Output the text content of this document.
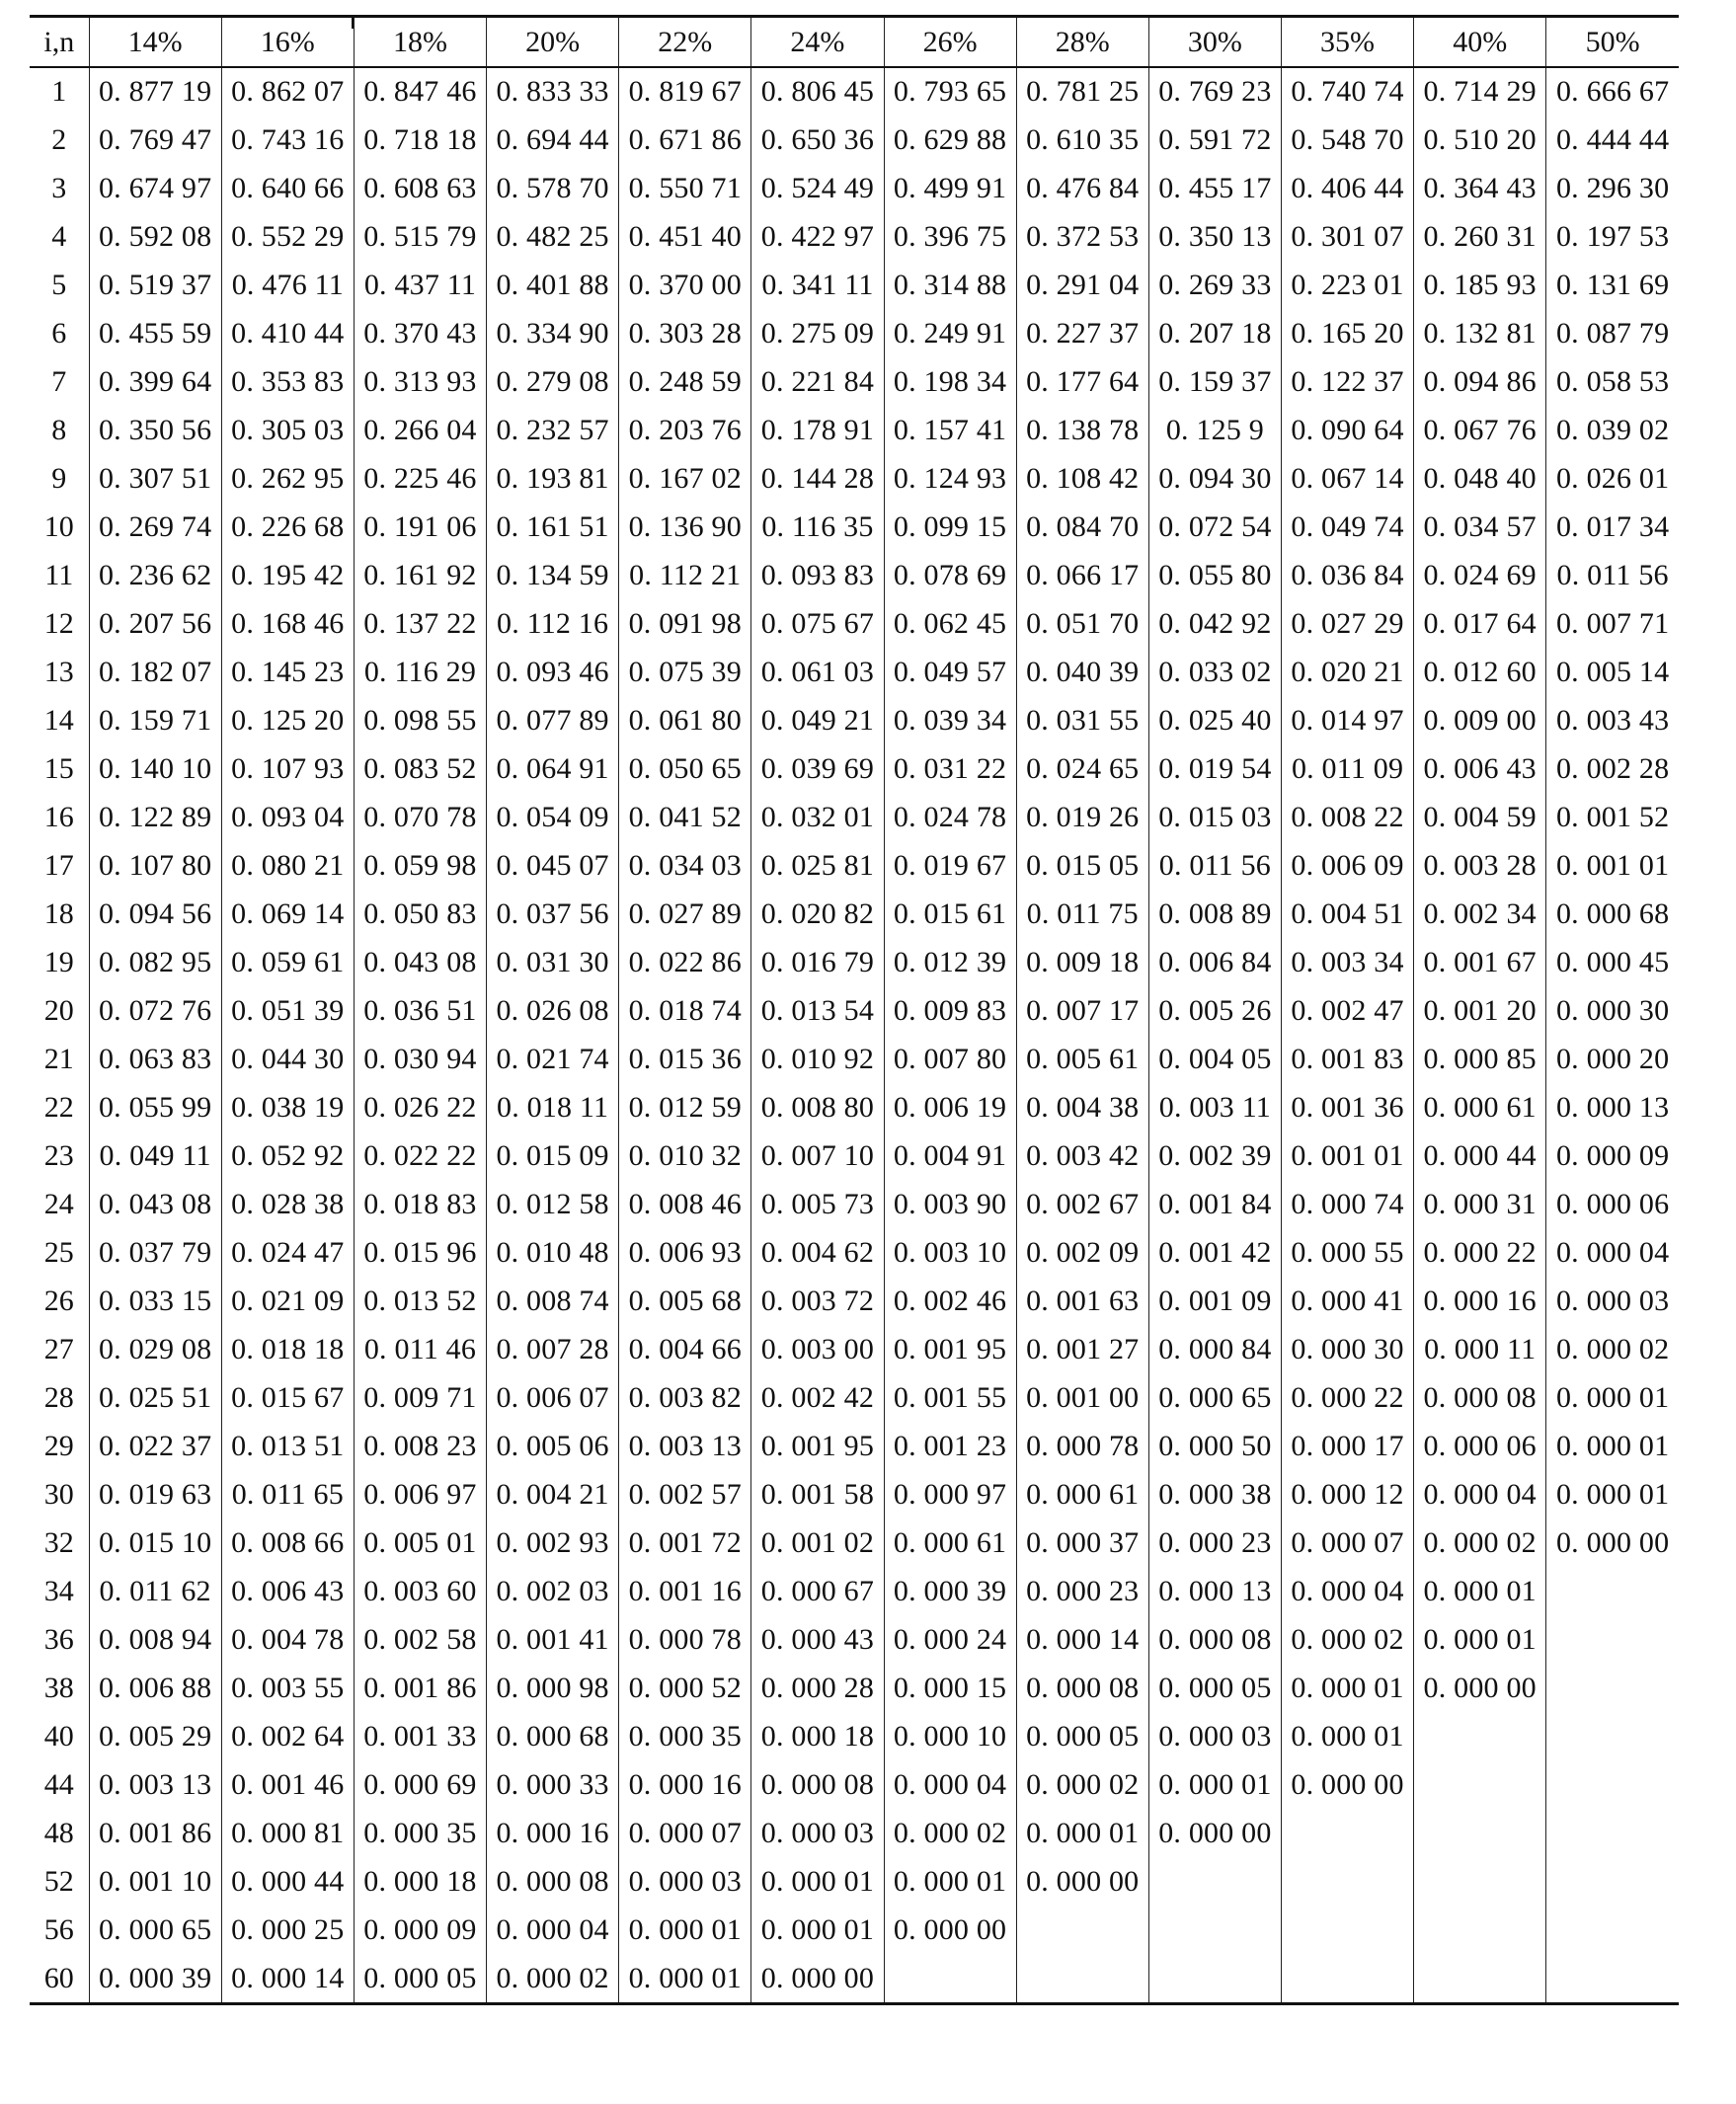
i,n	14%	16%	18%	20%	22%	24%	26%	28%	30%	35%	40%	50%
1	0. 877 19	0. 862 07	0. 847 46	0. 833 33	0. 819 67	0. 806 45	0. 793 65	0. 781 25	0. 769 23	0. 740 74	0. 714 29	0. 666 67
2	0. 769 47	0. 743 16	0. 718 18	0. 694 44	0. 671 86	0. 650 36	0. 629 88	0. 610 35	0. 591 72	0. 548 70	0. 510 20	0. 444 44
3	0. 674 97	0. 640 66	0. 608 63	0. 578 70	0. 550 71	0. 524 49	0. 499 91	0. 476 84	0. 455 17	0. 406 44	0. 364 43	0. 296 30
4	0. 592 08	0. 552 29	0. 515 79	0. 482 25	0. 451 40	0. 422 97	0. 396 75	0. 372 53	0. 350 13	0. 301 07	0. 260 31	0. 197 53
5	0. 519 37	0. 476 11	0. 437 11	0. 401 88	0. 370 00	0. 341 11	0. 314 88	0. 291 04	0. 269 33	0. 223 01	0. 185 93	0. 131 69
6	0. 455 59	0. 410 44	0. 370 43	0. 334 90	0. 303 28	0. 275 09	0. 249 91	0. 227 37	0. 207 18	0. 165 20	0. 132 81	0. 087 79
7	0. 399 64	0. 353 83	0. 313 93	0. 279 08	0. 248 59	0. 221 84	0. 198 34	0. 177 64	0. 159 37	0. 122 37	0. 094 86	0. 058 53
8	0. 350 56	0. 305 03	0. 266 04	0. 232 57	0. 203 76	0. 178 91	0. 157 41	0. 138 78	0. 125 9	0. 090 64	0. 067 76	0. 039 02
9	0. 307 51	0. 262 95	0. 225 46	0. 193 81	0. 167 02	0. 144 28	0. 124 93	0. 108 42	0. 094 30	0. 067 14	0. 048 40	0. 026 01
10	0. 269 74	0. 226 68	0. 191 06	0. 161 51	0. 136 90	0. 116 35	0. 099 15	0. 084 70	0. 072 54	0. 049 74	0. 034 57	0. 017 34
11	0. 236 62	0. 195 42	0. 161 92	0. 134 59	0. 112 21	0. 093 83	0. 078 69	0. 066 17	0. 055 80	0. 036 84	0. 024 69	0. 011 56
12	0. 207 56	0. 168 46	0. 137 22	0. 112 16	0. 091 98	0. 075 67	0. 062 45	0. 051 70	0. 042 92	0. 027 29	0. 017 64	0. 007 71
13	0. 182 07	0. 145 23	0. 116 29	0. 093 46	0. 075 39	0. 061 03	0. 049 57	0. 040 39	0. 033 02	0. 020 21	0. 012 60	0. 005 14
14	0. 159 71	0. 125 20	0. 098 55	0. 077 89	0. 061 80	0. 049 21	0. 039 34	0. 031 55	0. 025 40	0. 014 97	0. 009 00	0. 003 43
15	0. 140 10	0. 107 93	0. 083 52	0. 064 91	0. 050 65	0. 039 69	0. 031 22	0. 024 65	0. 019 54	0. 011 09	0. 006 43	0. 002 28
16	0. 122 89	0. 093 04	0. 070 78	0. 054 09	0. 041 52	0. 032 01	0. 024 78	0. 019 26	0. 015 03	0. 008 22	0. 004 59	0. 001 52
17	0. 107 80	0. 080 21	0. 059 98	0. 045 07	0. 034 03	0. 025 81	0. 019 67	0. 015 05	0. 011 56	0. 006 09	0. 003 28	0. 001 01
18	0. 094 56	0. 069 14	0. 050 83	0. 037 56	0. 027 89	0. 020 82	0. 015 61	0. 011 75	0. 008 89	0. 004 51	0. 002 34	0. 000 68
19	0. 082 95	0. 059 61	0. 043 08	0. 031 30	0. 022 86	0. 016 79	0. 012 39	0. 009 18	0. 006 84	0. 003 34	0. 001 67	0. 000 45
20	0. 072 76	0. 051 39	0. 036 51	0. 026 08	0. 018 74	0. 013 54	0. 009 83	0. 007 17	0. 005 26	0. 002 47	0. 001 20	0. 000 30
21	0. 063 83	0. 044 30	0. 030 94	0. 021 74	0. 015 36	0. 010 92	0. 007 80	0. 005 61	0. 004 05	0. 001 83	0. 000 85	0. 000 20
22	0. 055 99	0. 038 19	0. 026 22	0. 018 11	0. 012 59	0. 008 80	0. 006 19	0. 004 38	0. 003 11	0. 001 36	0. 000 61	0. 000 13
23	0. 049 11	0. 052 92	0. 022 22	0. 015 09	0. 010 32	0. 007 10	0. 004 91	0. 003 42	0. 002 39	0. 001 01	0. 000 44	0. 000 09
24	0. 043 08	0. 028 38	0. 018 83	0. 012 58	0. 008 46	0. 005 73	0. 003 90	0. 002 67	0. 001 84	0. 000 74	0. 000 31	0. 000 06
25	0. 037 79	0. 024 47	0. 015 96	0. 010 48	0. 006 93	0. 004 62	0. 003 10	0. 002 09	0. 001 42	0. 000 55	0. 000 22	0. 000 04
26	0. 033 15	0. 021 09	0. 013 52	0. 008 74	0. 005 68	0. 003 72	0. 002 46	0. 001 63	0. 001 09	0. 000 41	0. 000 16	0. 000 03
27	0. 029 08	0. 018 18	0. 011 46	0. 007 28	0. 004 66	0. 003 00	0. 001 95	0. 001 27	0. 000 84	0. 000 30	0. 000 11	0. 000 02
28	0. 025 51	0. 015 67	0. 009 71	0. 006 07	0. 003 82	0. 002 42	0. 001 55	0. 001 00	0. 000 65	0. 000 22	0. 000 08	0. 000 01
29	0. 022 37	0. 013 51	0. 008 23	0. 005 06	0. 003 13	0. 001 95	0. 001 23	0. 000 78	0. 000 50	0. 000 17	0. 000 06	0. 000 01
30	0. 019 63	0. 011 65	0. 006 97	0. 004 21	0. 002 57	0. 001 58	0. 000 97	0. 000 61	0. 000 38	0. 000 12	0. 000 04	0. 000 01
32	0. 015 10	0. 008 66	0. 005 01	0. 002 93	0. 001 72	0. 001 02	0. 000 61	0. 000 37	0. 000 23	0. 000 07	0. 000 02	0. 000 00
34	0. 011 62	0. 006 43	0. 003 60	0. 002 03	0. 001 16	0. 000 67	0. 000 39	0. 000 23	0. 000 13	0. 000 04	0. 000 01	
36	0. 008 94	0. 004 78	0. 002 58	0. 001 41	0. 000 78	0. 000 43	0. 000 24	0. 000 14	0. 000 08	0. 000 02	0. 000 01	
38	0. 006 88	0. 003 55	0. 001 86	0. 000 98	0. 000 52	0. 000 28	0. 000 15	0. 000 08	0. 000 05	0. 000 01	0. 000 00	
40	0. 005 29	0. 002 64	0. 001 33	0. 000 68	0. 000 35	0. 000 18	0. 000 10	0. 000 05	0. 000 03	0. 000 01		
44	0. 003 13	0. 001 46	0. 000 69	0. 000 33	0. 000 16	0. 000 08	0. 000 04	0. 000 02	0. 000 01	0. 000 00		
48	0. 001 86	0. 000 81	0. 000 35	0. 000 16	0. 000 07	0. 000 03	0. 000 02	0. 000 01	0. 000 00			
52	0. 001 10	0. 000 44	0. 000 18	0. 000 08	0. 000 03	0. 000 01	0. 000 01	0. 000 00				
56	0. 000 65	0. 000 25	0. 000 09	0. 000 04	0. 000 01	0. 000 01	0. 000 00					
60	0. 000 39	0. 000 14	0. 000 05	0. 000 02	0. 000 01	0. 000 00						
